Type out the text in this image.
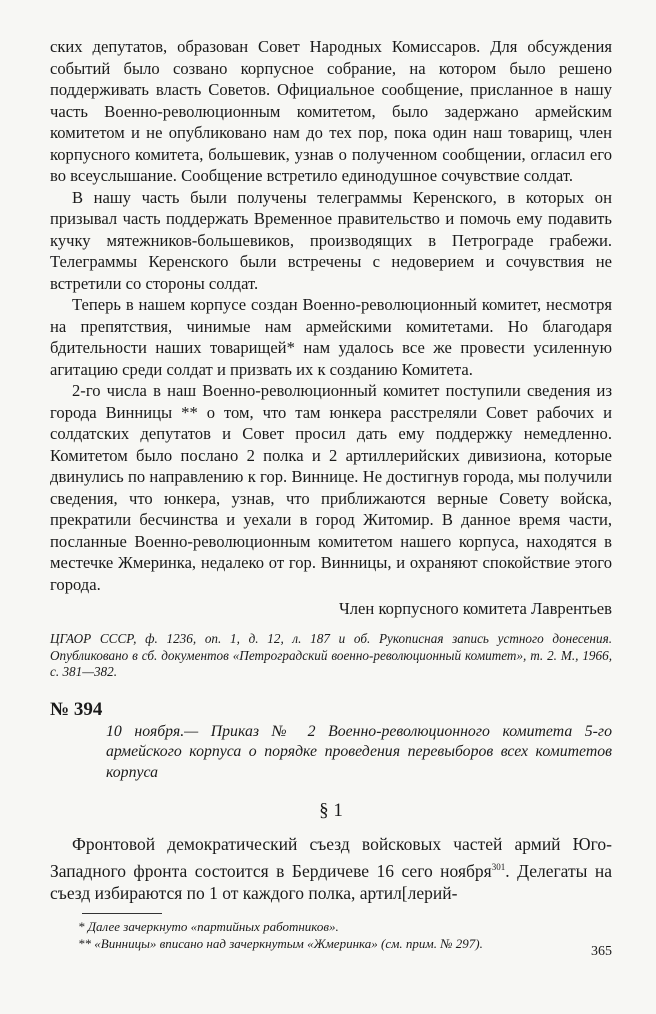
ских депутатов, образован Совет Народных Комиссаров. Для обсуждения событий было созвано корпусное собрание, на котором было решено поддерживать власть Советов. Официальное сообщение, присланное в нашу часть Военно-революционным комитетом, было задержано армейским комитетом и не опубликовано нам до тех пор, пока один наш товарищ, член корпусного комитета, большевик, узнав о полученном сообщении, огласил его во всеуслышание. Сообщение встретило единодушное сочувствие солдат.

В нашу часть были получены телеграммы Керенского, в которых он призывал часть поддержать Временное правительство и помочь ему подавить кучку мятежников-большевиков, производящих в Петрограде грабежи. Телеграммы Керенского были встречены с недоверием и сочувствия не встретили со стороны солдат.

Теперь в нашем корпусе создан Военно-революционный комитет, несмотря на препятствия, чинимые нам армейскими комитетами. Но благодаря бдительности наших товарищей* нам удалось все же провести усиленную агитацию среди солдат и призвать их к созданию Комитета.

2-го числа в наш Военно-революционный комитет поступили сведения из города Винницы ** о том, что там юнкера расстреляли Совет рабочих и солдатских депутатов и Совет просил дать ему поддержку немедленно. Комитетом было послано 2 полка и 2 артиллерийских дивизиона, которые двинулись по направлению к гор. Виннице. Не достигнув города, мы получили сведения, что юнкера, узнав, что приближаются верные Совету войска, прекратили бесчинства и уехали в город Житомир. В данное время части, посланные Военно-революционным комитетом нашего корпуса, находятся в местечке Жмеринка, недалеко от гор. Винницы, и охраняют спокойствие этого города.

Член корпусного комитета Лаврентьев
ЦГАОР СССР, ф. 1236, оп. 1, д. 12, л. 187 и об. Рукописная запись устного донесения. Опубликовано в сб. документов «Петроградский военно-революционный комитет», т. 2. М., 1966, с. 381—382.
№ 394
10 ноября.— Приказ № 2 Военно-революционного комитета 5-го армейского корпуса о порядке проведения перевыборов всех комитетов корпуса
§ 1

Фронтовой демократический съезд войсковых частей армий Юго-Западного фронта состоится в Бердичеве 16 сего ноября$^{301}$. Делегаты на съезд избираются по 1 от каждого полка, артил[лерий-

* Далее зачеркнуто «партийных работников».
** «Винницы» вписано над зачеркнутым «Жмеринка» (см. прим. № 297).
365
